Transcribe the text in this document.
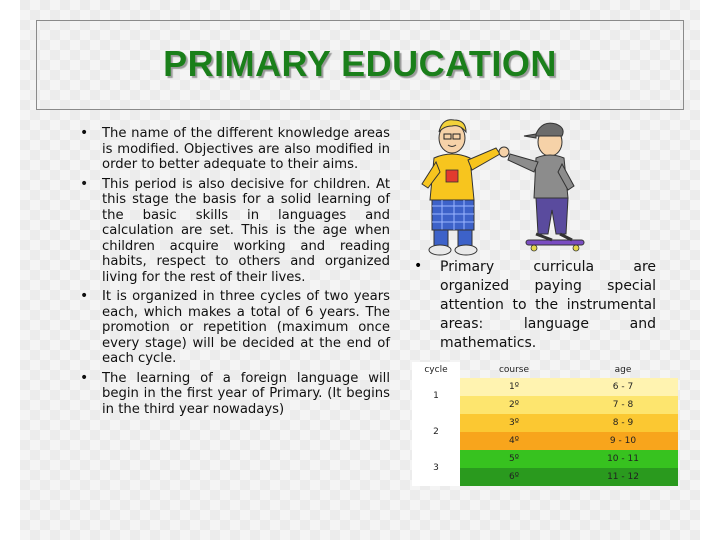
PRIMARY EDUCATION
• The name of the different knowledge areas is modified. Objectives are also modified in order to better adequate to their aims.
• This period is also decisive for children. At this stage the basis for a solid learning of the basic skills in languages and calculation are set. This is the age when children acquire working and reading habits, respect to others and organized living for the rest of their lives.
• It is organized in three cycles of two years each, which makes a total of 6 years. The promotion or repetition (maximum once every stage) will be decided at the end of each cycle.
• The learning of a foreign language will begin in the first year of Primary. (It begins in the third year nowadays)
•	Primary curricula are organized paying special attention to the instrumental areas: language and mathematics.

cycle	course	age
1	1º	6 - 7
	2º	7 - 8
2	3º	8 - 9
	4º	9 - 10
3	5º	10 - 11
	6º	11 - 12
